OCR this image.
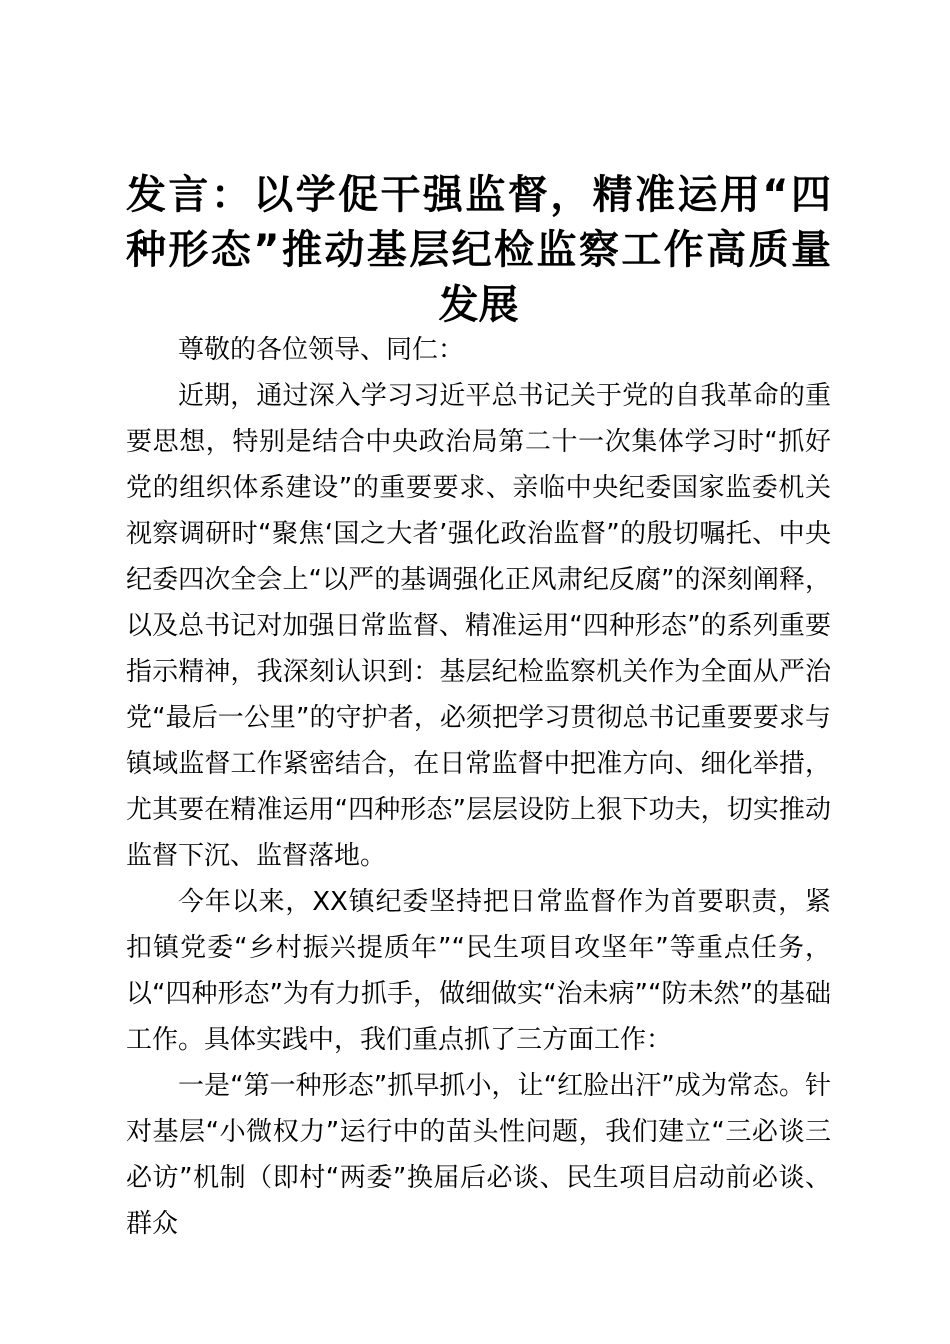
发言：以学促干强监督，精准运用“四种形态”推动基层纪检监察工作高质量发展

尊敬的各位领导、同仁：

近期，通过深入学习习近平总书记关于党的自我革命的重要思想，特别是结合中央政治局第二十一次集体学习时“抓好党的组织体系建设”的重要要求、亲临中央纪委国家监委机关视察调研时“聚焦‘国之大者’强化政治监督”的殷切嘱托、中央纪委四次全会上“以严的基调强化正风肃纪反腐”的深刻阐释，以及总书记对加强日常监督、精准运用“四种形态”的系列重要指示精神，我深刻认识到：基层纪检监察机关作为全面从严治党“最后一公里”的守护者，必须把学习贯彻总书记重要要求与镇域监督工作紧密结合，在日常监督中把准方向、细化举措，尤其要在精准运用“四种形态”层层设防上狠下功夫，切实推动监督下沉、监督落地。

今年以来，XX镇纪委坚持把日常监督作为首要职责，紧扣镇党委“乡村振兴提质年”“民生项目攻坚年”等重点任务，以“四种形态”为有力抓手，做细做实“治未病”“防未然”的基础工作。具体实践中，我们重点抓了三方面工作：

一是“第一种形态”抓早抓小，让“红脸出汗”成为常态。针对基层“小微权力”运行中的苗头性问题，我们建立“三必谈三必访”机制（即村“两委”换届后必谈、民生项目启动前必谈、群众
